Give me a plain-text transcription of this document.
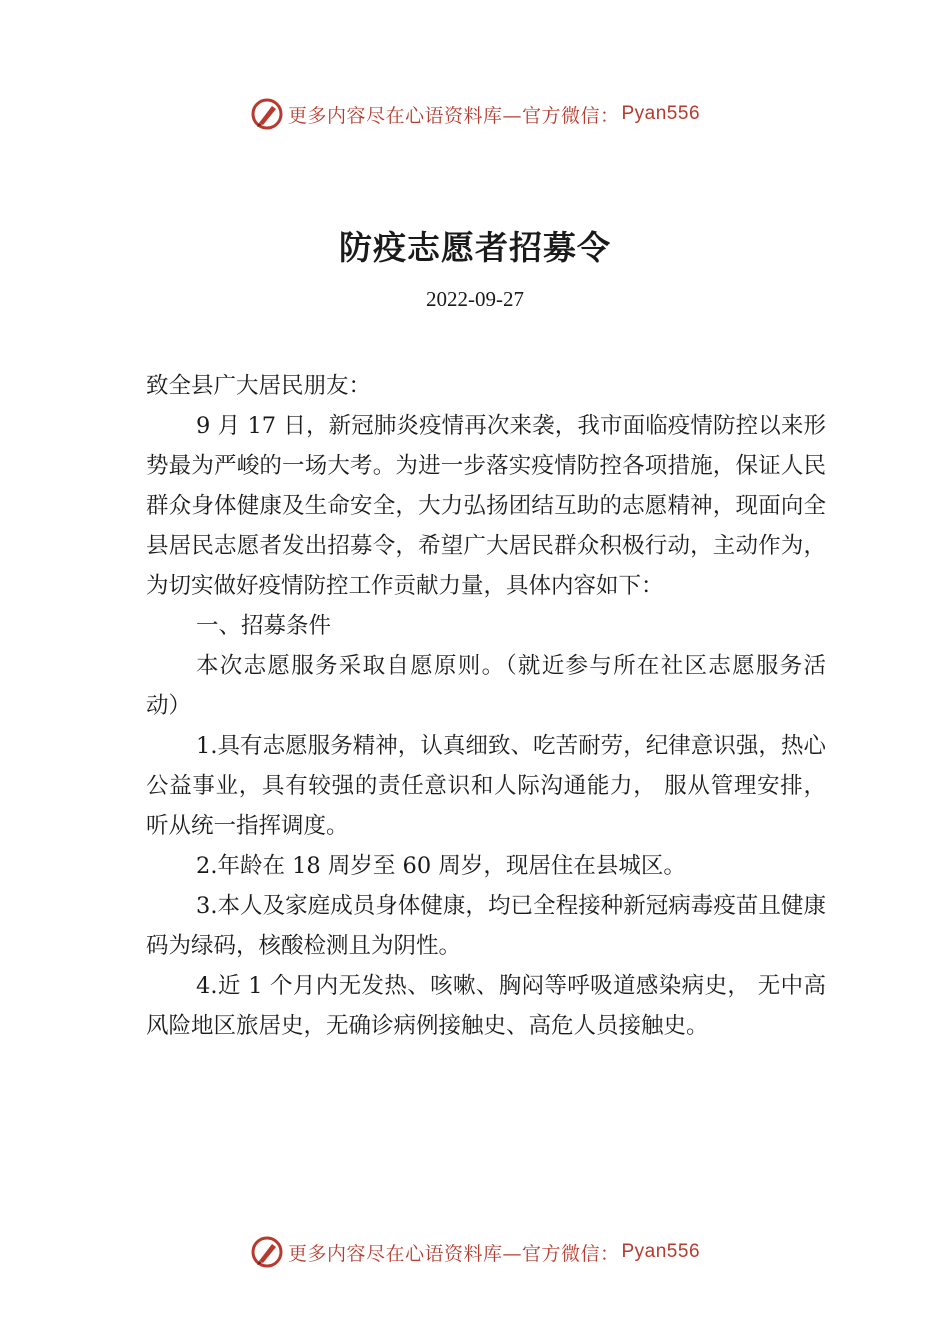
更多内容尽在心语资料库—官方微信： Pyan556
防疫志愿者招募令
2022-09-27

致全县广大居民朋友：

9 月 17 日，新冠肺炎疫情再次来袭，我市面临疫情防控以来形势最为严峻的一场大考。为进一步落实疫情防控各项措施，保证人民群众身体健康及生命安全，大力弘扬团结互助的志愿精神，现面向全县居民志愿者发出招募令，希望广大居民群众积极行动，主动作为，为切实做好疫情防控工作贡献力量，具体内容如下：

一、招募条件

本次志愿服务采取自愿原则。（就近参与所在社区志愿服务活动）

1.具有志愿服务精神，认真细致、吃苦耐劳，纪律意识强，热心公益事业，具有较强的责任意识和人际沟通能力， 服从管理安排，听从统一指挥调度。

2.年龄在 18 周岁至 60 周岁，现居住在县城区。

3.本人及家庭成员身体健康，均已全程接种新冠病毒疫苗且健康码为绿码，核酸检测且为阴性。

4.近 1 个月内无发热、咳嗽、胸闷等呼吸道感染病史， 无中高风险地区旅居史，无确诊病例接触史、高危人员接触史。

更多内容尽在心语资料库—官方微信： Pyan556
